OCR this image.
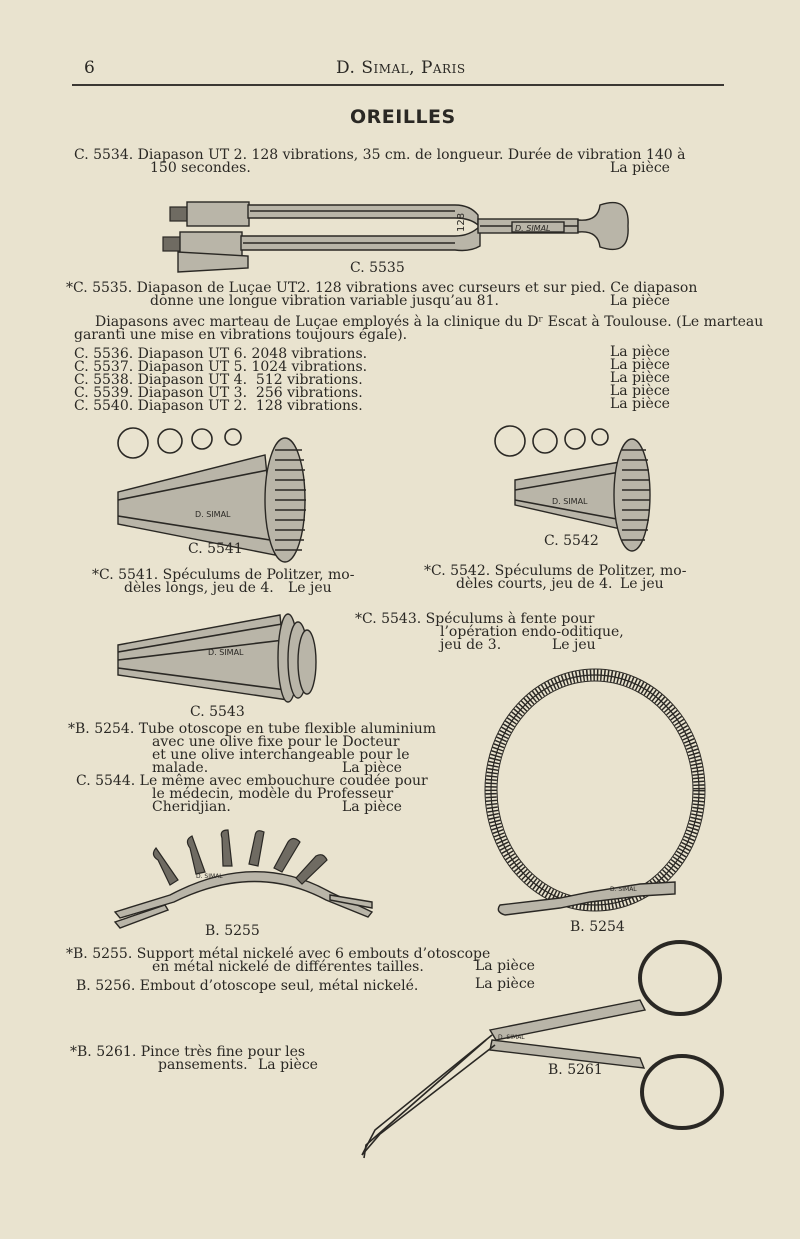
6	D. Simal, Paris
OREILLES
C. 5534. Diapason UT 2. 128 vibrations, 35 cm. de longueur. Durée de vibration 140 à
150 secondes.	La pièce
128	D. SIMAL
C. 5535
*C. 5535. Diapason de Luçae UT2. 128 vibrations avec curseurs et sur pied. Ce diapason
donne une longue vibration variable jusqu’au 81.	La pièce
Diapasons avec marteau de Luçae employés à la clinique du Dʳ Escat à Toulouse. (Le marteau
garanti une mise en vibrations toujours égale).
C. 5536. Diapason UT 6. 2048 vibrations.	La pièce
C. 5537. Diapason UT 5. 1024 vibrations.	La pièce
C. 5538. Diapason UT 4.  512 vibrations.	La pièce
C. 5539. Diapason UT 3.  256 vibrations.	La pièce
C. 5540. Diapason UT 2.  128 vibrations.	La pièce
D. SIMAL
C. 5541
D. SIMAL
C. 5542
*C. 5541. Spéculums de Politzer, mo-
dèles longs, jeu de 4. Le jeu
*C. 5542. Spéculums de Politzer, mo-
dèles courts, jeu de 4. Le jeu
*C. 5543. Spéculums à fente pour
l’opération endo-oditique,
jeu de 3.	Le jeu
D. SIMAL
C. 5543
*B. 5254. Tube otoscope en tube flexible aluminium
avec une olive fixe pour le Docteur
et une olive interchangeable pour le
malade.	La pièce
C. 5544. Le même avec embouchure coudée pour
le médecin, modèle du Professeur
Cheridjian.	La pièce
D. SIMAL
B. 5254
D. SIMAL
B. 5255
*B. 5255. Support métal nickelé avec 6 embouts d’otoscope
en métal nickelé de différentes tailles.	La pièce
B. 5256. Embout d’otoscope seul, métal nickelé.	La pièce
D. SIMAL
B. 5261
*B. 5261. Pince très fine pour les
pansements. La pièce
